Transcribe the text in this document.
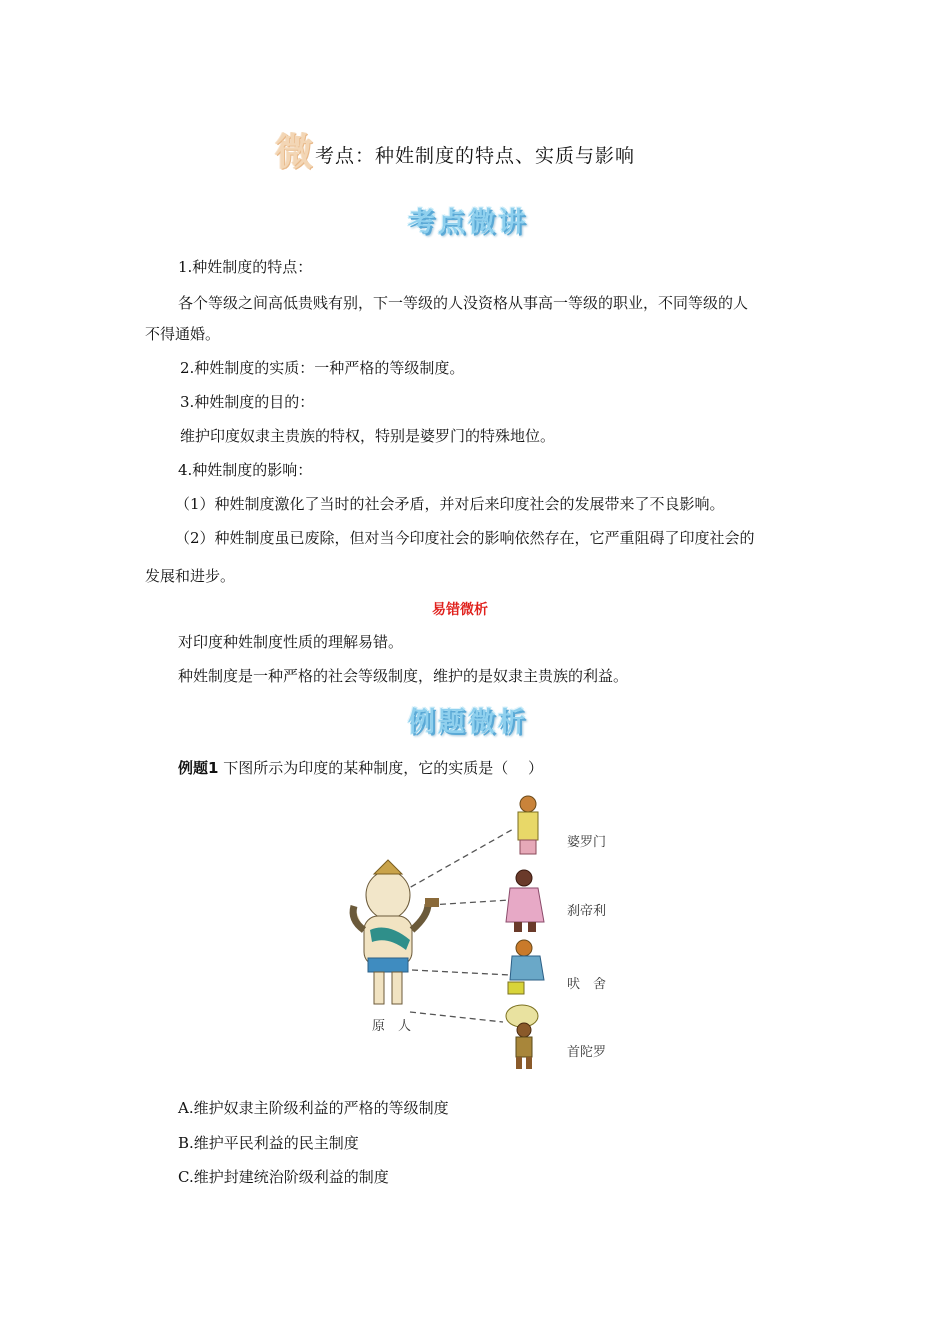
微 考点：种姓制度的特点、实质与影响
考点微讲
1.种姓制度的特点：
各个等级之间高低贵贱有别，下一等级的人没资格从事高一等级的职业，不同等级的人
不得通婚。
2.种姓制度的实质：一种严格的等级制度。
3.种姓制度的目的：
维护印度奴隶主贵族的特权，特别是婆罗门的特殊地位。
4.种姓制度的影响：
（1）种姓制度激化了当时的社会矛盾，并对后来印度社会的发展带来了不良影响。
（2）种姓制度虽已废除，但对当今印度社会的影响依然存在，它严重阻碍了印度社会的
发展和进步。
易错微析
对印度种姓制度性质的理解易错。
种姓制度是一种严格的社会等级制度，维护的是奴隶主贵族的利益。
例题微析
例题1 下图所示为印度的某种制度，它的实质是（　 ）
原　人
婆罗门
刹帝利
吠　舍
首陀罗
A.维护奴隶主阶级利益的严格的等级制度
B.维护平民利益的民主制度
C.维护封建统治阶级利益的制度
